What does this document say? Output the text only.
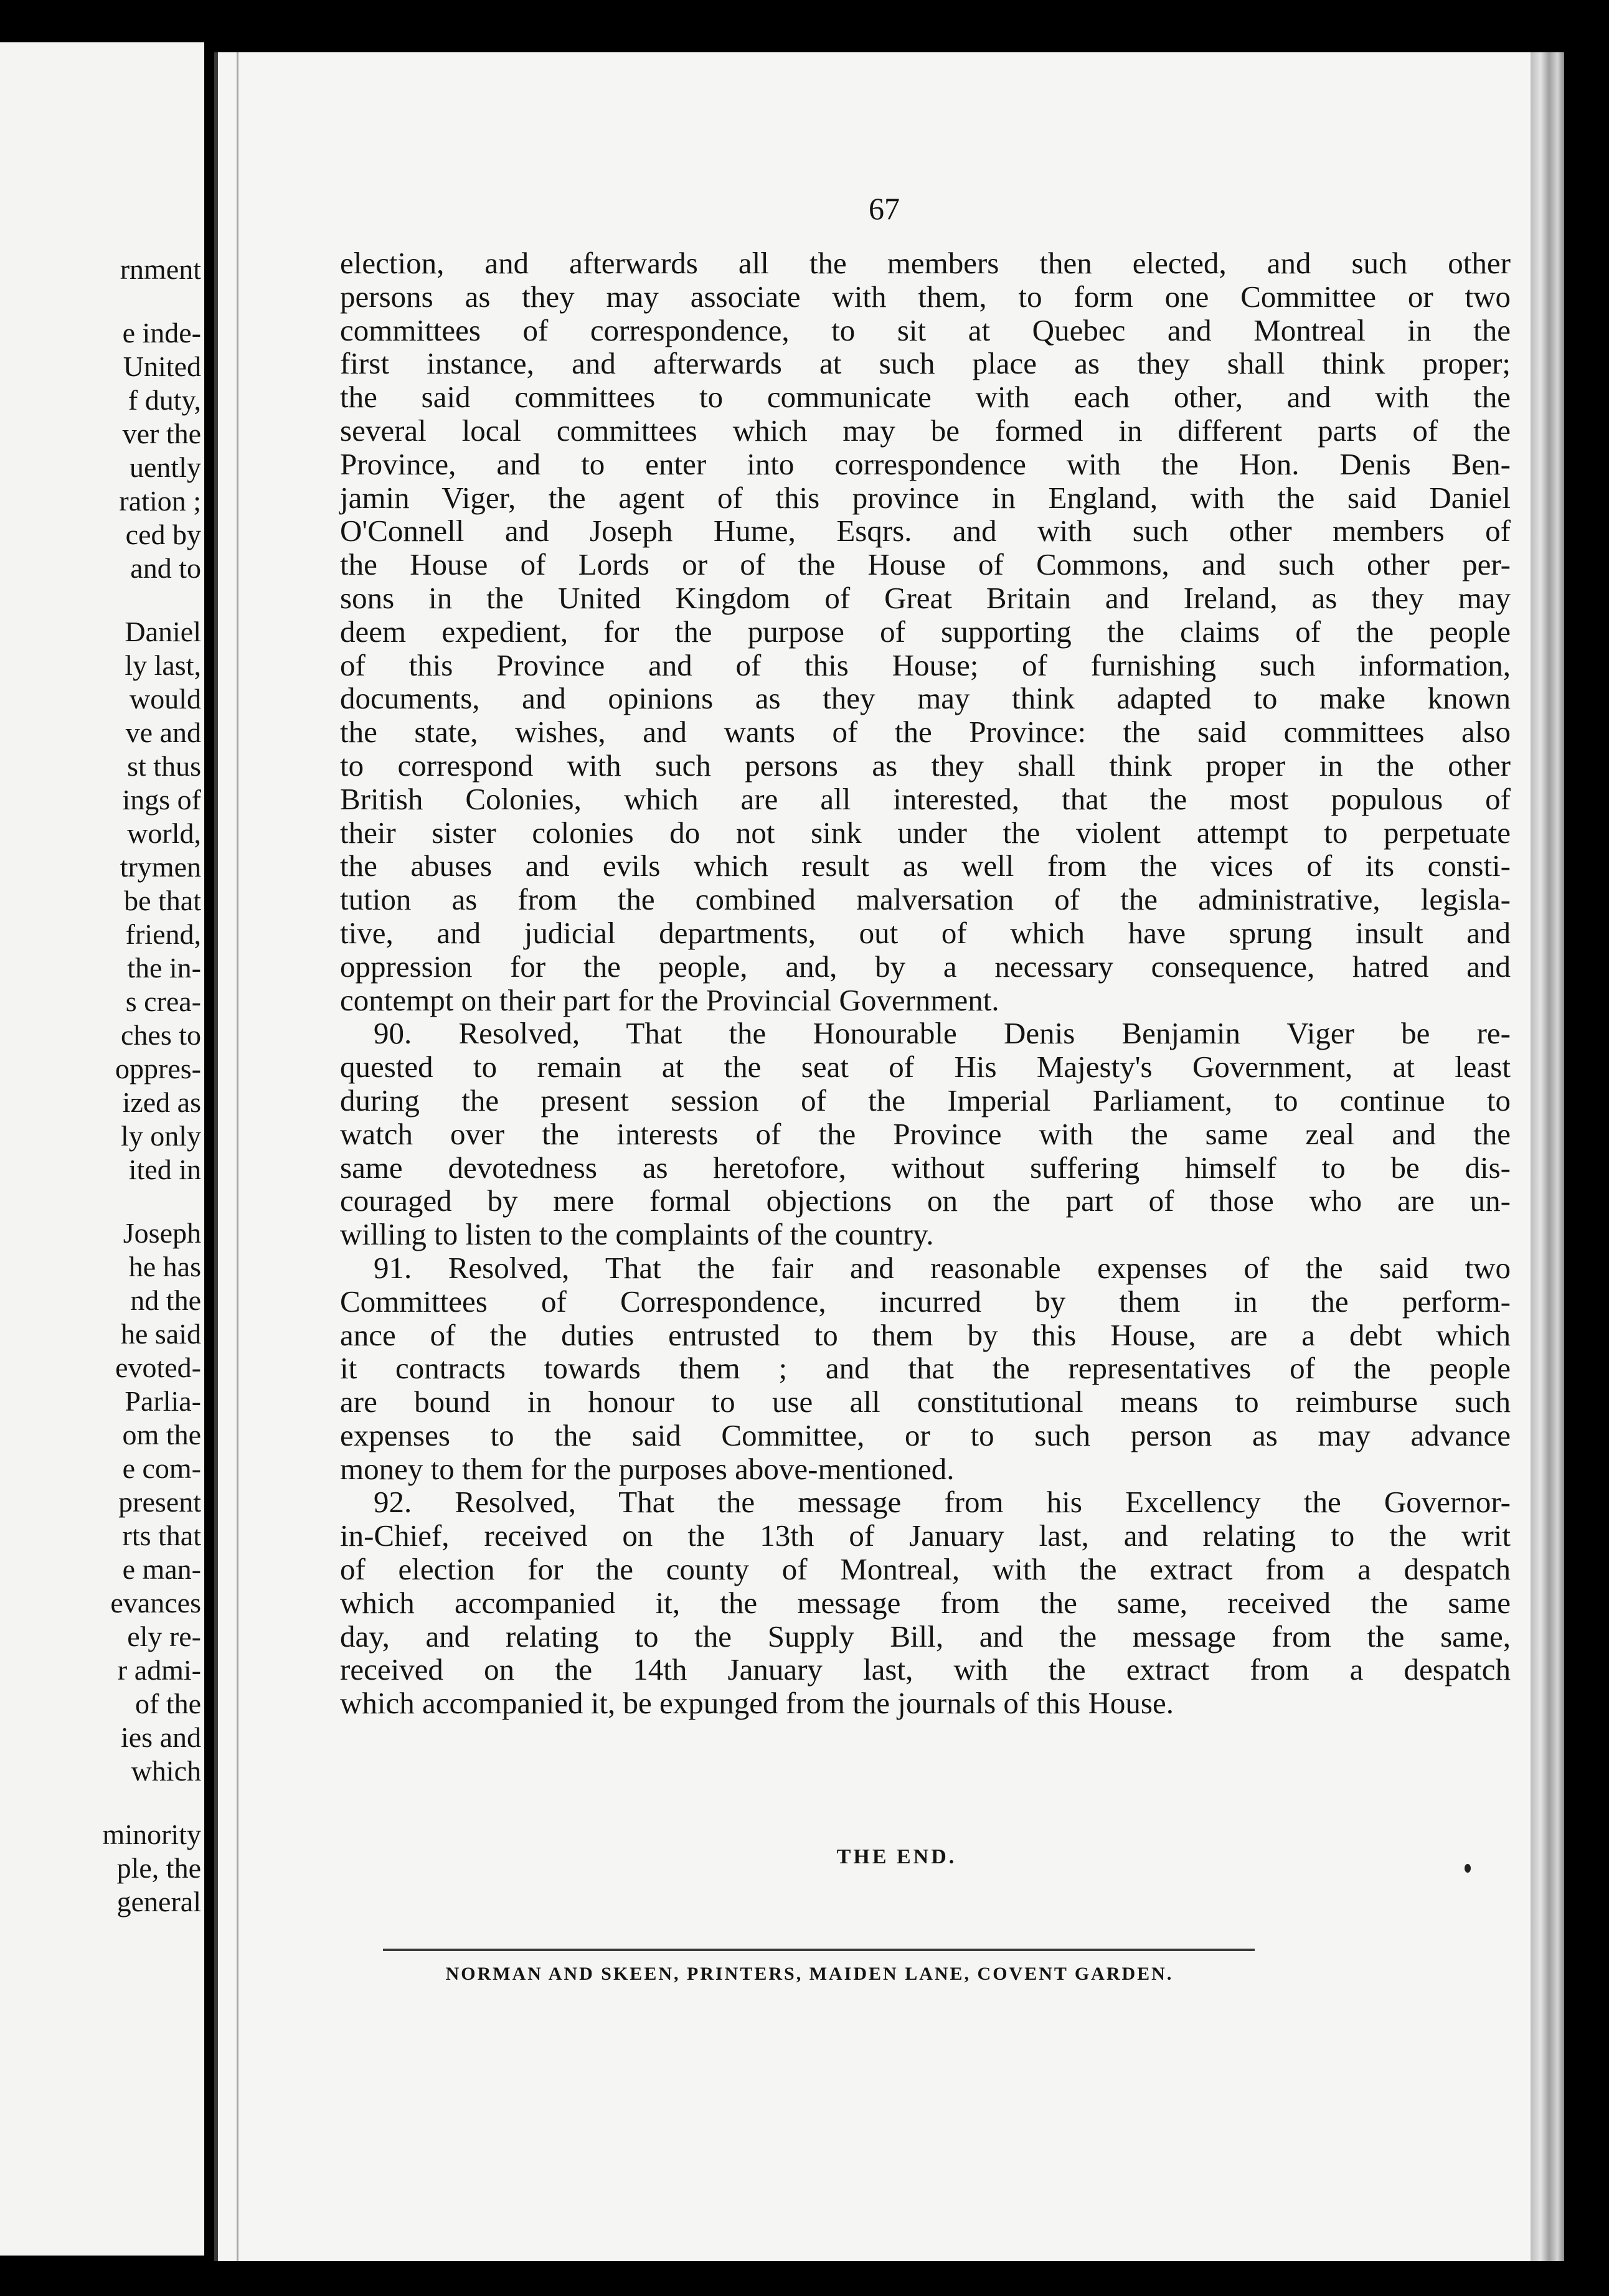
rnment
e inde-
United
f duty,
ver the
uently
ration ;
ced by
and to
Daniel
ly last,
would
ve and
st thus
ings of
world,
trymen
be that
friend,
the in-
s crea-
ches to
oppres-
ized as
ly only
ited in
Joseph
he has
nd the
he said
evoted-
Parlia-
om the
e com-
present
rts that
e man-
evances
ely re-
r admi-
of the
ies and
which
minority
ple, the
general
67

election, and afterwards all the members then elected, and such other

persons as they may associate with them, to form one Committee or two

committees of correspondence, to sit at Quebec and Montreal in the

first instance, and afterwards at such place as they shall think proper;

the said committees to communicate with each other, and with the

several local committees which may be formed in different parts of the

Province, and to enter into correspondence with the Hon. Denis Ben-

jamin Viger, the agent of this province in England, with the said Daniel

O'Connell and Joseph Hume, Esqrs. and with such other members of

the House of Lords or of the House of Commons, and such other per-

sons in the United Kingdom of Great Britain and Ireland, as they may

deem expedient, for the purpose of supporting the claims of the people

of this Province and of this House; of furnishing such information,

documents, and opinions as they may think adapted to make known

the state, wishes, and wants of the Province: the said committees also

to correspond with such persons as they shall think proper in the other

British Colonies, which are all interested, that the most populous of

their sister colonies do not sink under the violent attempt to perpetuate

the abuses and evils which result as well from the vices of its consti-

tution as from the combined malversation of the administrative, legisla-

tive, and judicial departments, out of which have sprung insult and

oppression for the people, and, by a necessary consequence, hatred and

contempt on their part for the Provincial Government.

90. Resolved, That the Honourable Denis Benjamin Viger be re-

quested to remain at the seat of His Majesty's Government, at least

during the present session of the Imperial Parliament, to continue to

watch over the interests of the Province with the same zeal and the

same devotedness as heretofore, without suffering himself to be dis-

couraged by mere formal objections on the part of those who are un-

willing to listen to the complaints of the country.

91. Resolved, That the fair and reasonable expenses of the said two

Committees of Correspondence, incurred by them in the perform-

ance of the duties entrusted to them by this House, are a debt which

it contracts towards them ; and that the representatives of the people

are bound in honour to use all constitutional means to reimburse such

expenses to the said Committee, or to such person as may advance

money to them for the purposes above-mentioned.

92. Resolved, That the message from his Excellency the Governor-

in-Chief, received on the 13th of January last, and relating to the writ

of election for the county of Montreal, with the extract from a despatch

which accompanied it, the message from the same, received the same

day, and relating to the Supply Bill, and the message from the same,

received on the 14th January last, with the extract from a despatch

which accompanied it, be expunged from the journals of this House.

THE END.
NORMAN AND SKEEN, PRINTERS, MAIDEN LANE, COVENT GARDEN.
